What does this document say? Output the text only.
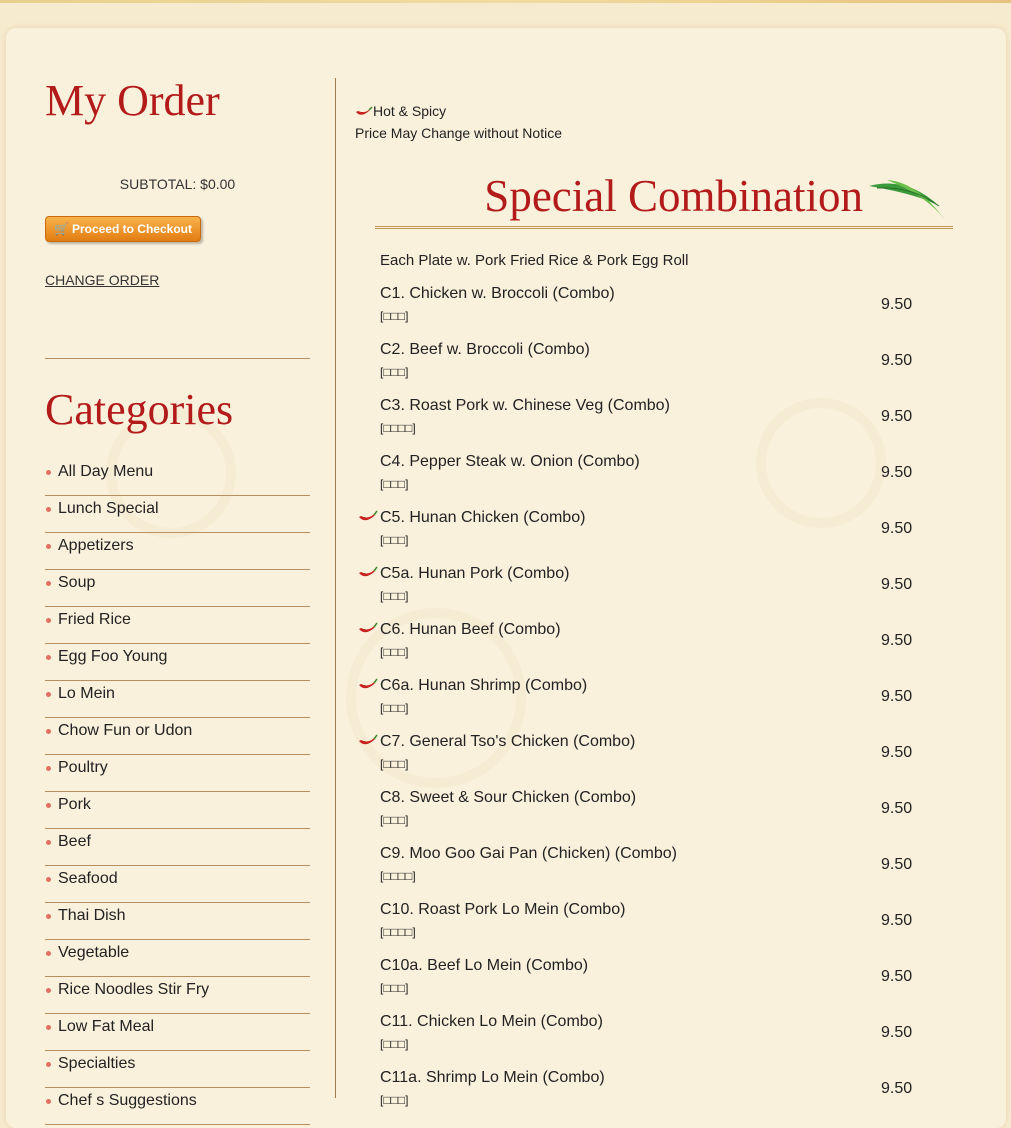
My Order
SUBTOTAL: $0.00
🛒 Proceed to Checkout
CHANGE ORDER
Categories
All Day Menu
Lunch Special
Appetizers
Soup
Fried Rice
Egg Foo Young
Lo Mein
Chow Fun or Udon
Poultry
Pork
Beef
Seafood
Thai Dish
Vegetable
Rice Noodles Stir Fry
Low Fat Meal
Specialties
Chef s Suggestions
Hot & Spicy
Price May Change without Notice
Special Combination
Each Plate w. Pork Fried Rice & Pork Egg Roll
C1. Chicken w. Broccoli (Combo)
[□□□]
9.50
C2. Beef w. Broccoli (Combo)
[□□□]
9.50
C3. Roast Pork w. Chinese Veg (Combo)
[□□□□]
9.50
C4. Pepper Steak w. Onion (Combo)
[□□□]
9.50
C5. Hunan Chicken (Combo)
[□□□]
9.50
C5a. Hunan Pork (Combo)
[□□□]
9.50
C6. Hunan Beef (Combo)
[□□□]
9.50
C6a. Hunan Shrimp (Combo)
[□□□]
9.50
C7. General Tso's Chicken (Combo)
[□□□]
9.50
C8. Sweet & Sour Chicken (Combo)
[□□□]
9.50
C9. Moo Goo Gai Pan (Chicken) (Combo)
[□□□□]
9.50
C10. Roast Pork Lo Mein (Combo)
[□□□□]
9.50
C10a. Beef Lo Mein (Combo)
[□□□]
9.50
C11. Chicken Lo Mein (Combo)
[□□□]
9.50
C11a. Shrimp Lo Mein (Combo)
[□□□]
9.50
